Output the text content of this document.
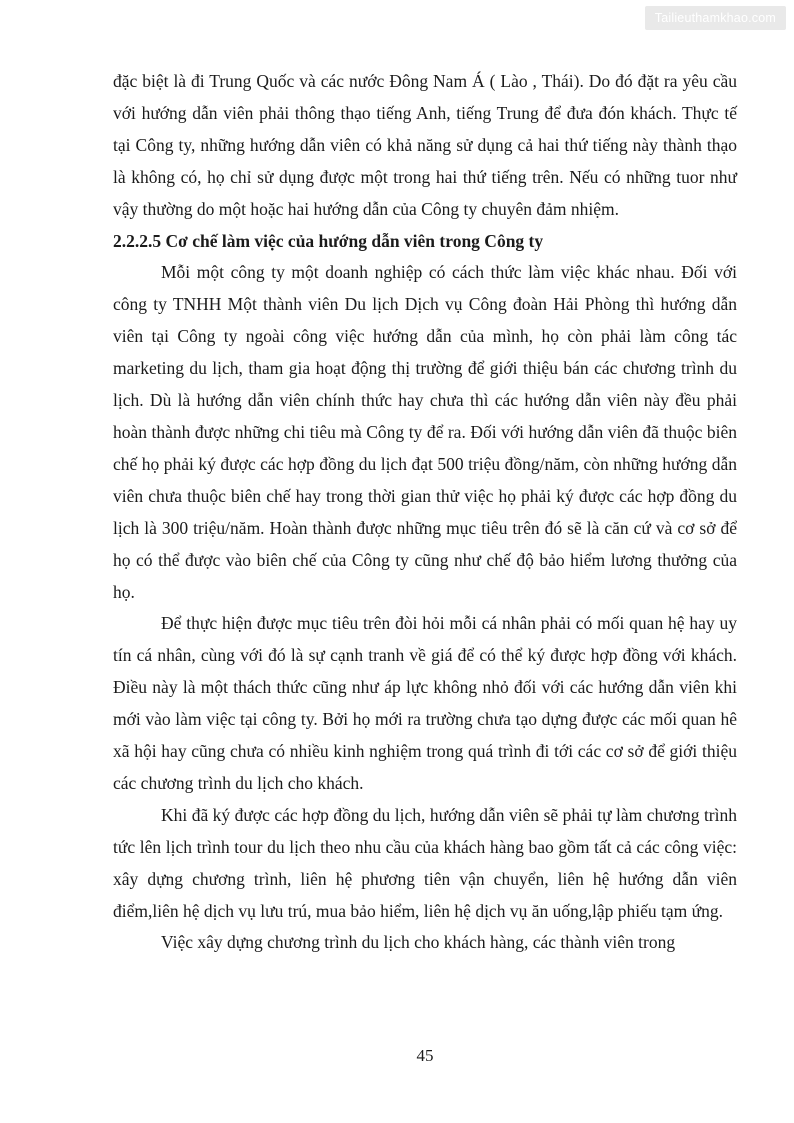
Tailieuthamkhao.com

đặc biệt là đi Trung Quốc và các nước Đông Nam Á ( Lào , Thái). Do đó đặt ra yêu cầu với hướng dẫn viên phải thông thạo tiếng Anh, tiếng Trung để đưa đón khách. Thực tế tại Công ty, những hướng dẫn viên có khả năng sử dụng cả hai thứ tiếng này thành thạo là không có, họ chỉ sử dụng được một trong hai thứ tiếng trên. Nếu có những tuor như vậy thường do một hoặc hai hướng dẫn của Công ty chuyên đảm nhiệm.

2.2.2.5 Cơ chế làm việc của hướng dẫn viên trong Công ty

Mỗi một công ty một doanh nghiệp có cách thức làm việc khác nhau. Đối với công ty TNHH Một thành viên Du lịch Dịch vụ Công đoàn Hải Phòng thì hướng dẫn viên tại Công ty ngoài công việc hướng dẫn của mình, họ còn phải làm công tác marketing du lịch, tham gia hoạt động thị trường để giới thiệu bán các chương trình du lịch. Dù là hướng dẫn viên chính thức hay chưa thì các hướng dẫn viên này đều phải hoàn thành được những chi tiêu mà Công ty để ra. Đối với hướng dẫn viên đã thuộc biên chế họ phải ký được các hợp đồng du lịch đạt 500 triệu đồng/năm, còn những hướng dẫn viên chưa thuộc biên chế hay trong thời gian thử việc họ phải ký được các hợp đồng du lịch là 300 triệu/năm. Hoàn thành được những mục tiêu trên đó sẽ là căn cứ và cơ sở để họ có thể được vào biên chế của Công ty cũng như chế độ bảo hiểm lương thưởng của họ.

Để thực hiện được mục tiêu trên đòi hỏi mỗi cá nhân phải có mối quan hệ hay uy tín cá nhân, cùng với đó là sự cạnh tranh về giá để có thể ký được hợp đồng với khách. Điều này là một thách thức cũng như áp lực không nhỏ đối với các hướng dẫn viên khi mới vào làm việc tại công ty. Bởi họ mới ra trường chưa tạo dựng được các mối quan hê xã hội hay cũng chưa có nhiều kinh nghiệm trong quá trình đi tới các cơ sở để giới thiệu các chương trình du lịch cho khách.

Khi đã ký được các hợp đồng du lịch, hướng dẫn viên sẽ phải tự làm chương trình tức lên lịch trình tour du lịch theo nhu cầu của khách hàng bao gồm tất cả các công việc: xây dựng chương trình, liên hệ phương tiên vận chuyển, liên hệ hướng dẫn viên điểm,liên hệ dịch vụ lưu trú, mua bảo hiểm, liên hệ dịch vụ ăn uống,lập phiếu tạm ứng.

Việc xây dựng chương trình du lịch cho khách hàng, các thành viên trong

45
